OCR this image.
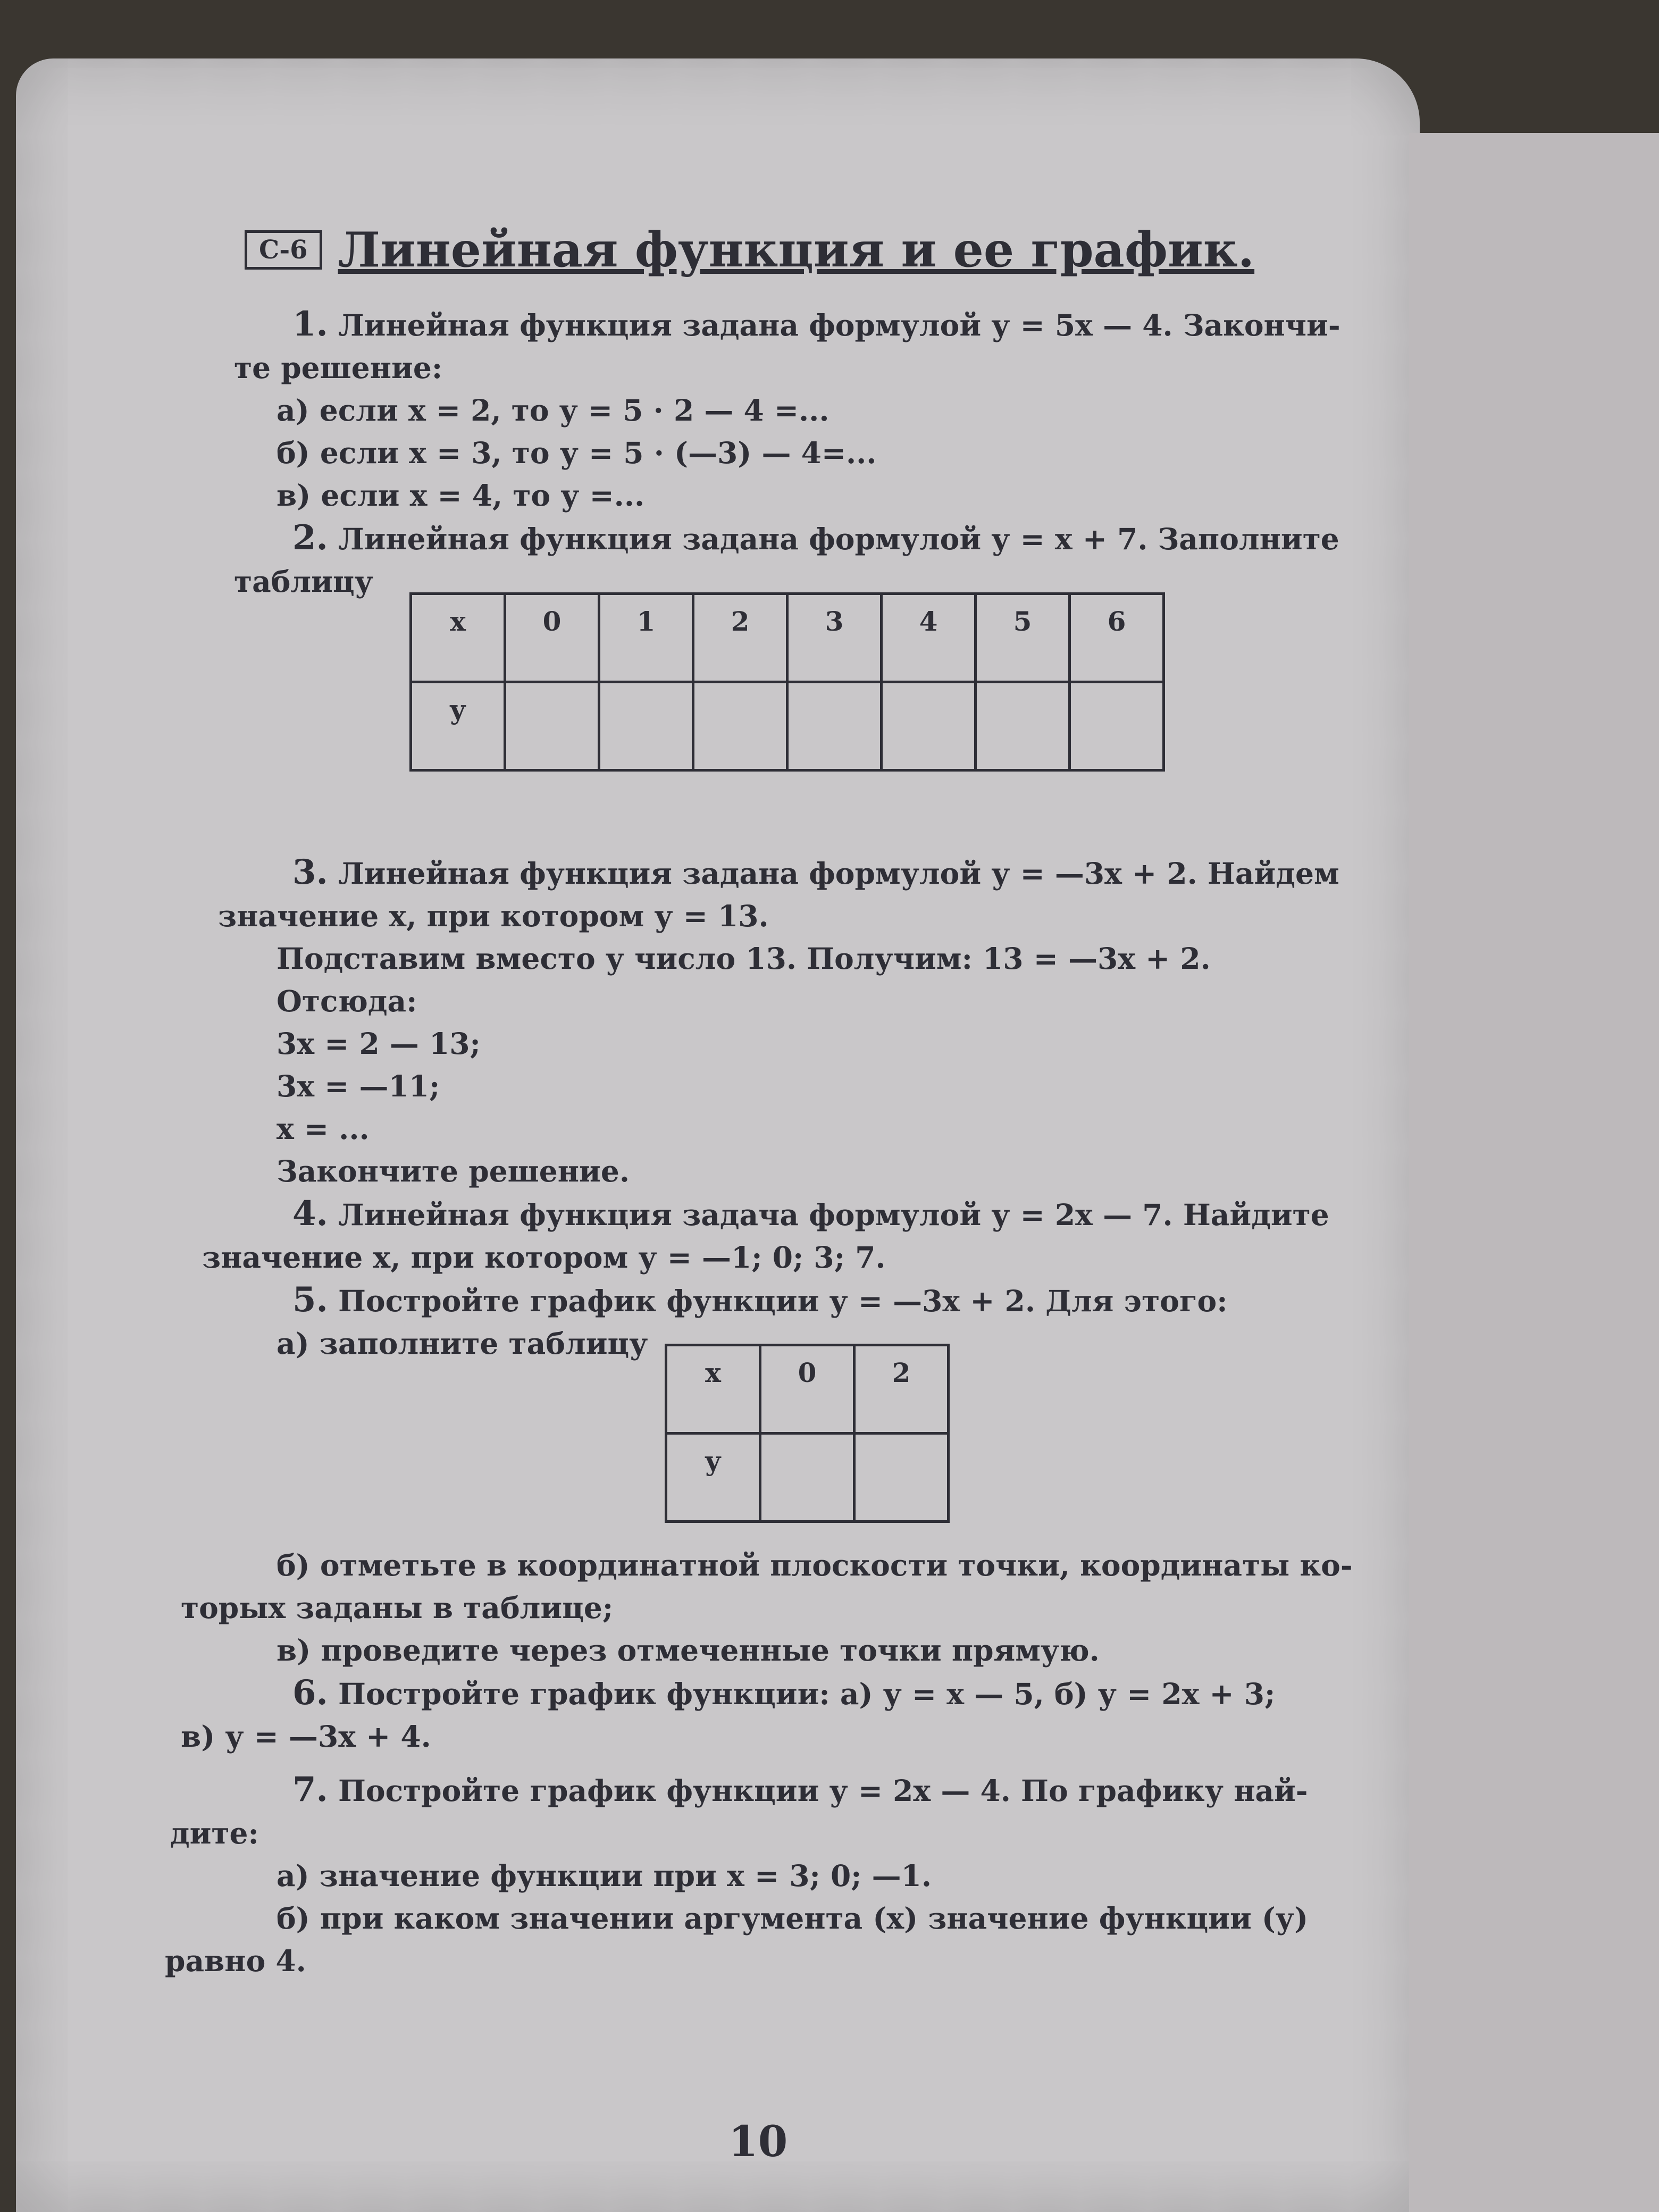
С-6 Линейная функция и ее график.

1. Линейная функция задана формулой у = 5х — 4. Закончи-

те решение:

а) если х = 2, то у = 5 · 2 — 4 =...

б) если х = 3, то у = 5 · (—3) — 4=...

в) если х = 4, то у =...

2. Линейная функция задана формулой у = х + 7. Заполните

таблицу

х	0	1	2	3	4	5	6
у							

3. Линейная функция задана формулой у = —3х + 2. Найдем

значение х, при котором у = 13.

Подставим вместо у число 13. Получим: 13 = —3х + 2.

Отсюда:

3х = 2 — 13;

3х = —11;

х = ...

Закончите решение.

4. Линейная функция задача формулой у = 2х — 7. Найдите

значение х, при котором у = —1; 0; 3; 7.

5. Постройте график функции у = —3х + 2. Для этого:

а) заполните таблицу

х	0	2
у		

б) отметьте в координатной плоскости точки, координаты ко-

торых заданы в таблице;

в) проведите через отмеченные точки прямую.

6. Постройте график функции: а) у = х — 5, б) у = 2х + 3;

в) у = —3х + 4.

7. Постройте график функции у = 2х — 4. По графику най-

дите:

а) значение функции при х = 3; 0; —1.

б) при каком значении аргумента (х) значение функции (у)

равно 4.

10
